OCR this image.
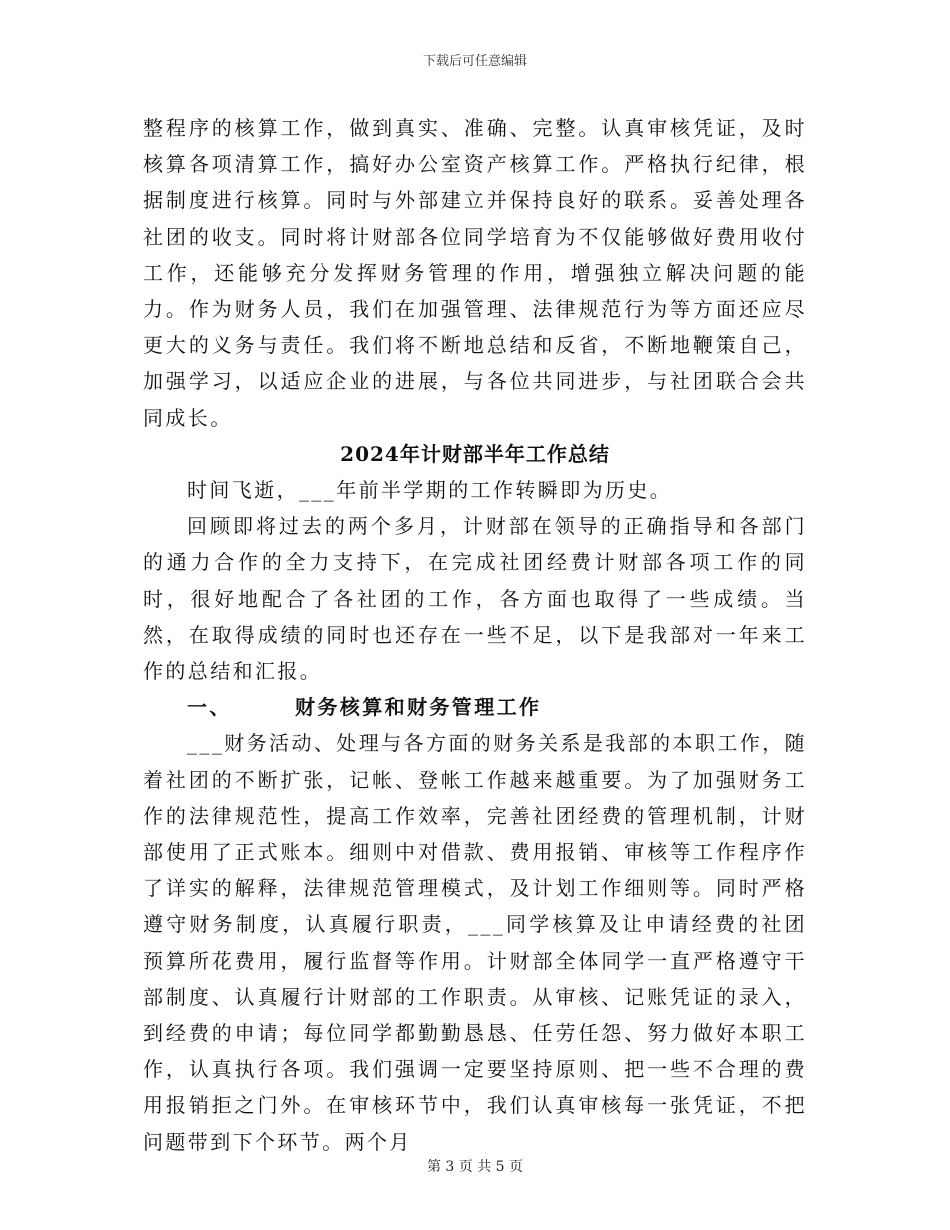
下载后可任意编辑

整程序的核算工作，做到真实、准确、完整。认真审核凭证，及时核算各项清算工作，搞好办公室资产核算工作。严格执行纪律，根据制度进行核算。同时与外部建立并保持良好的联系。妥善处理各社团的收支。同时将计财部各位同学培育为不仅能够做好费用收付工作，还能够充分发挥财务管理的作用，增强独立解决问题的能力。作为财务人员，我们在加强管理、法律规范行为等方面还应尽更大的义务与责任。我们将不断地总结和反省，不断地鞭策自己，加强学习，以适应企业的进展，与各位共同进步，与社团联合会共同成长。

2024年计财部半年工作总结

时间飞逝，___年前半学期的工作转瞬即为历史。

回顾即将过去的两个多月，计财部在领导的正确指导和各部门的通力合作的全力支持下，在完成社团经费计财部各项工作的同时，很好地配合了各社团的工作，各方面也取得了一些成绩。当然，在取得成绩的同时也还存在一些不足，以下是我部对一年来工作的总结和汇报。

一、	财务核算和财务管理工作

___财务活动、处理与各方面的财务关系是我部的本职工作，随着社团的不断扩张，记帐、登帐工作越来越重要。为了加强财务工作的法律规范性，提高工作效率，完善社团经费的管理机制，计财部使用了正式账本。细则中对借款、费用报销、审核等工作程序作了详实的解释，法律规范管理模式，及计划工作细则等。同时严格遵守财务制度，认真履行职责，___同学核算及让申请经费的社团预算所花费用，履行监督等作用。计财部全体同学一直严格遵守干部制度、认真履行计财部的工作职责。从审核、记账凭证的录入，到经费的申请；每位同学都勤勤恳恳、任劳任怨、努力做好本职工作，认真执行各项。我们强调一定要坚持原则、把一些不合理的费用报销拒之门外。在审核环节中，我们认真审核每一张凭证，不把问题带到下个环节。两个月

第 3 页 共 5 页
